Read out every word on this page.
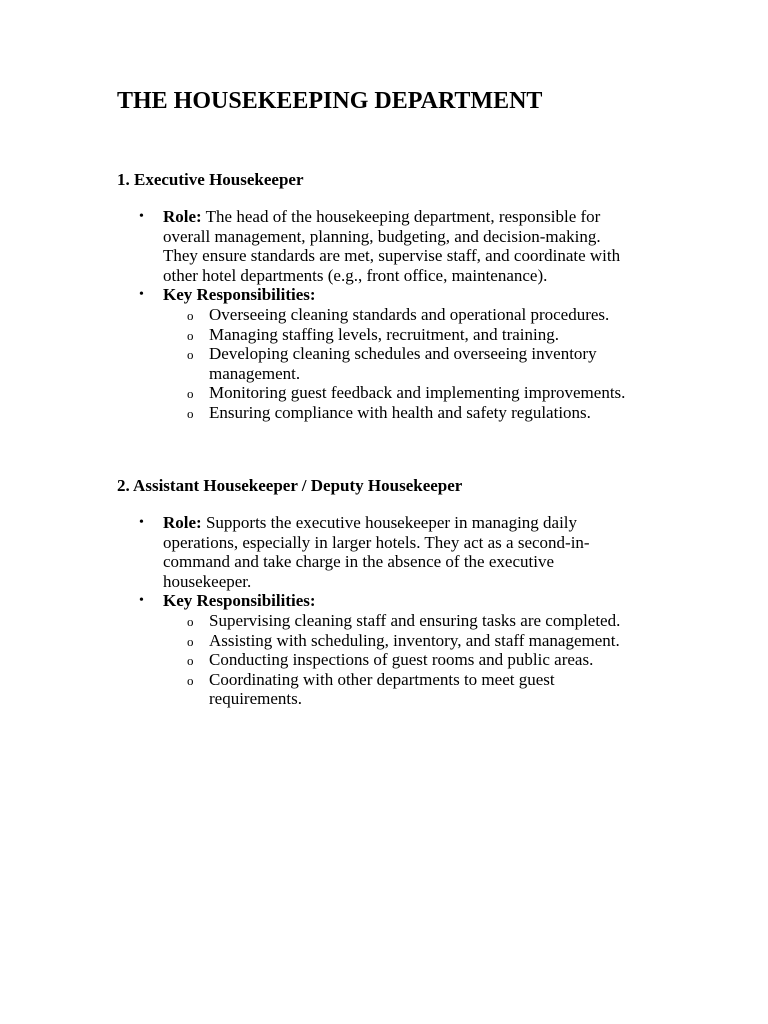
THE HOUSEKEEPING DEPARTMENT
1. Executive Housekeeper
• Role: The head of the housekeeping department, responsible for
overall management, planning, budgeting, and decision-making.
They ensure standards are met, supervise staff, and coordinate with
other hotel departments (e.g., front office, maintenance).
• Key Responsibilities:
o Overseeing cleaning standards and operational procedures.
o Managing staffing levels, recruitment, and training.
o Developing cleaning schedules and overseeing inventory
management.
o Monitoring guest feedback and implementing improvements.
o Ensuring compliance with health and safety regulations.
2. Assistant Housekeeper / Deputy Housekeeper
• Role: Supports the executive housekeeper in managing daily
operations, especially in larger hotels. They act as a second-in-
command and take charge in the absence of the executive
housekeeper.
• Key Responsibilities:
o Supervising cleaning staff and ensuring tasks are completed.
o Assisting with scheduling, inventory, and staff management.
o Conducting inspections of guest rooms and public areas.
o Coordinating with other departments to meet guest
requirements.
